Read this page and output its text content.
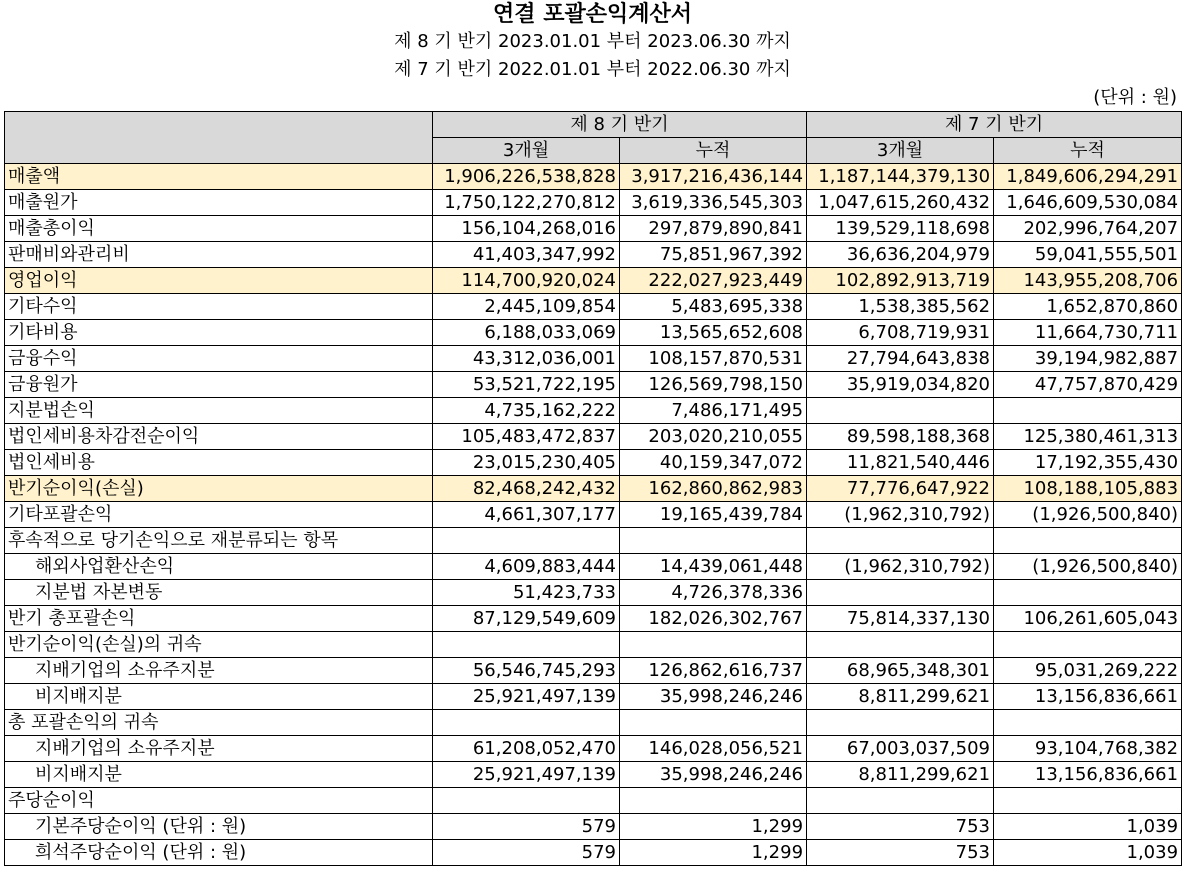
연결 포괄손익계산서
제 8 기 반기 2023.01.01 부터 2023.06.30 까지
제 7 기 반기 2022.01.01 부터 2022.06.30 까지
(단위 : 원)
	제 8 기 반기		제 7 기 반기	
	3개월	누적	3개월	누적
매출액	1,906,226,538,828	3,917,216,436,144	1,187,144,379,130	1,849,606,294,291
매출원가	1,750,122,270,812	3,619,336,545,303	1,047,615,260,432	1,646,609,530,084
매출총이익	156,104,268,016	297,879,890,841	139,529,118,698	202,996,764,207
판매비와관리비	41,403,347,992	75,851,967,392	36,636,204,979	59,041,555,501
영업이익	114,700,920,024	222,027,923,449	102,892,913,719	143,955,208,706
기타수익	2,445,109,854	5,483,695,338	1,538,385,562	1,652,870,860
기타비용	6,188,033,069	13,565,652,608	6,708,719,931	11,664,730,711
금융수익	43,312,036,001	108,157,870,531	27,794,643,838	39,194,982,887
금융원가	53,521,722,195	126,569,798,150	35,919,034,820	47,757,870,429
지분법손익	4,735,162,222	7,486,171,495		
법인세비용차감전순이익	105,483,472,837	203,020,210,055	89,598,188,368	125,380,461,313
법인세비용	23,015,230,405	40,159,347,072	11,821,540,446	17,192,355,430
반기순이익(손실)	82,468,242,432	162,860,862,983	77,776,647,922	108,188,105,883
기타포괄손익	4,661,307,177	19,165,439,784	(1,962,310,792)	(1,926,500,840)
후속적으로 당기손익으로 재분류되는 항목				
해외사업환산손익	4,609,883,444	14,439,061,448	(1,962,310,792)	(1,926,500,840)
지분법 자본변동	51,423,733	4,726,378,336		
반기 총포괄손익	87,129,549,609	182,026,302,767	75,814,337,130	106,261,605,043
반기순이익(손실)의 귀속				
지배기업의 소유주지분	56,546,745,293	126,862,616,737	68,965,348,301	95,031,269,222
비지배지분	25,921,497,139	35,998,246,246	8,811,299,621	13,156,836,661
총 포괄손익의 귀속				
지배기업의 소유주지분	61,208,052,470	146,028,056,521	67,003,037,509	93,104,768,382
비지배지분	25,921,497,139	35,998,246,246	8,811,299,621	13,156,836,661
주당순이익				
기본주당순이익 (단위 : 원)	579	1,299	753	1,039
희석주당순이익 (단위 : 원)	579	1,299	753	1,039
